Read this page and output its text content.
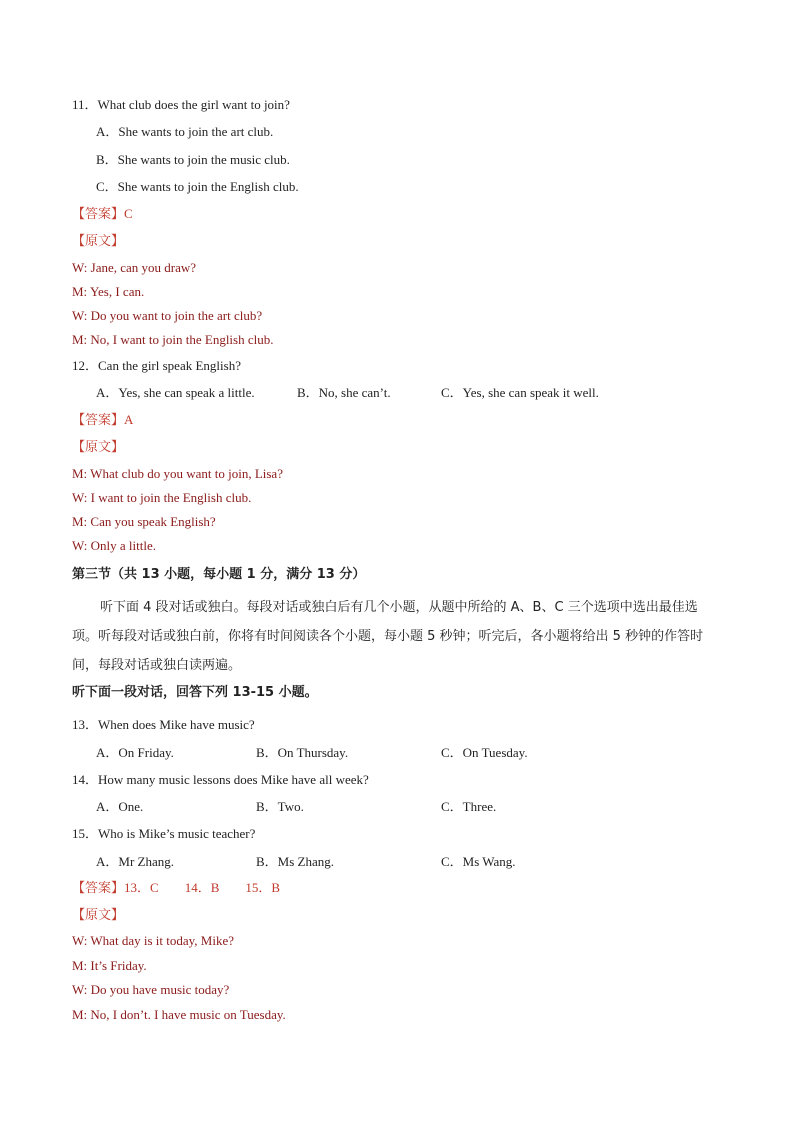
11．What club does the girl want to join?
A．She wants to join the art club.
B．She wants to join the music club.
C．She wants to join the English club.
【答案】C
【原文】
W: Jane, can you draw?
M: Yes, I can.
W: Do you want to join the art club?
M: No, I want to join the English club.
12．Can the girl speak English?
A．Yes, she can speak a little.	B．No, she can’t.	C．Yes, she can speak it well.
【答案】A
【原文】
M: What club do you want to join, Lisa?
W: I want to join the English club.
M: Can you speak English?
W: Only a little.
第三节（共 13 小题，每小题 1 分，满分 13 分）
听下面 4 段对话或独白。每段对话或独白后有几个小题，从题中所给的 A、B、C 三个选项中选出最佳选项。听每段对话或独白前，你将有时间阅读各个小题，每小题 5 秒钟；听完后，各小题将给出 5 秒钟的作答时间，每段对话或独白读两遍。
听下面一段对话，回答下列 13-15 小题。
13．When does Mike have music?
A．On Friday.	B．On Thursday.	C．On Tuesday.
14．How many music lessons does Mike have all week?
A．One.	B．Two.	C．Three.
15．Who is Mike’s music teacher?
A．Mr Zhang.	B．Ms Zhang.	C．Ms Wang.
【答案】13．C 14．B 15．B
【原文】
W: What day is it today, Mike?
M: It’s Friday.
W: Do you have music today?
M: No, I don’t. I have music on Tuesday.
